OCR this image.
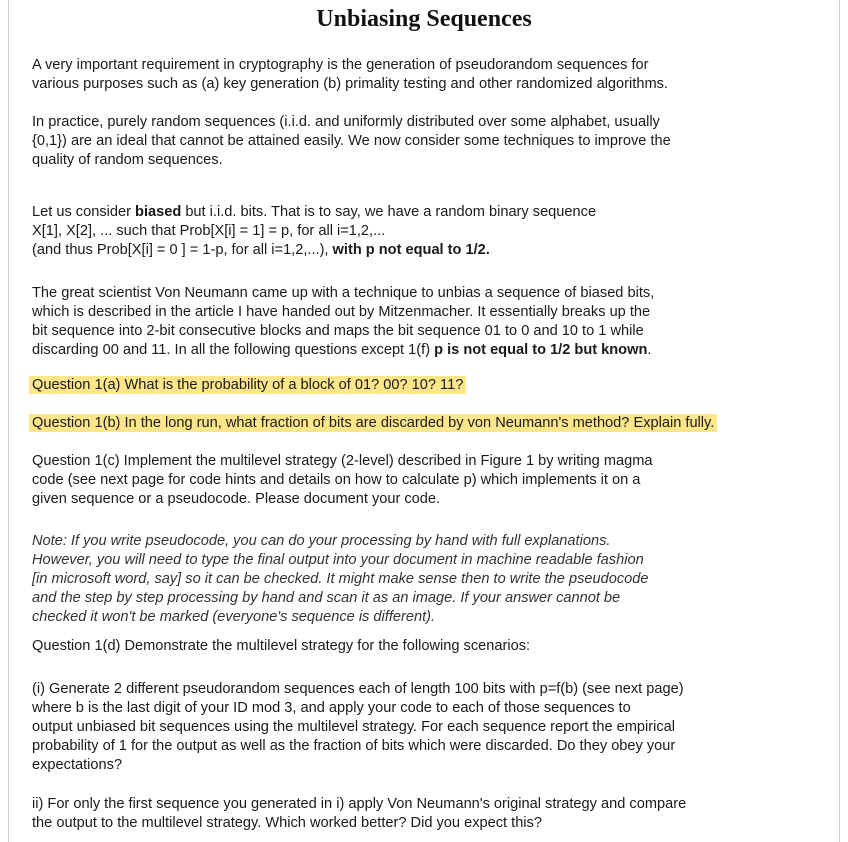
Unbiasing Sequences

A very important requirement in cryptography is the generation of pseudorandom sequences for
various purposes such as (a) key generation (b) primality testing and other randomized algorithms.

In practice, purely random sequences (i.i.d. and uniformly distributed over some alphabet, usually
{0,1}) are an ideal that cannot be attained easily. We now consider some techniques to improve the
quality of random sequences.

Let us consider biased but i.i.d. bits. That is to say, we have a random binary sequence
X[1], X[2], ... such that Prob[X[i] = 1] = p, for all i=1,2,...
(and thus Prob[X[i] = 0 ] = 1-p, for all i=1,2,...), with p not equal to 1/2.

The great scientist Von Neumann came up with a technique to unbias a sequence of biased bits,
which is described in the article I have handed out by Mitzenmacher. It essentially breaks up the
bit sequence into 2-bit consecutive blocks and maps the bit sequence 01 to 0 and 10 to 1 while
discarding 00 and 11. In all the following questions except 1(f) p is not equal to 1/2 but known.

Question 1(a) What is the probability of a block of 01? 00? 10? 11?

Question 1(b) In the long run, what fraction of bits are discarded by von Neumann's method? Explain fully.

Question 1(c) Implement the multilevel strategy (2-level) described in Figure 1 by writing magma
code (see next page for code hints and details on how to calculate p) which implements it on a
given sequence or a pseudocode. Please document your code.

Note: If you write pseudocode, you can do your processing by hand with full explanations.
However, you will need to type the final output into your document in machine readable fashion
[in microsoft word, say] so it can be checked. It might make sense then to write the pseudocode
and the step by step processing by hand and scan it as an image. If your answer cannot be
checked it won't be marked (everyone's sequence is different).

Question 1(d) Demonstrate the multilevel strategy for the following scenarios:

(i) Generate 2 different pseudorandom sequences each of length 100 bits with p=f(b) (see next page)
where b is the last digit of your ID mod 3, and apply your code to each of those sequences to
output unbiased bit sequences using the multilevel strategy. For each sequence report the empirical
probability of 1 for the output as well as the fraction of bits which were discarded. Do they obey your
expectations?

ii) For only the first sequence you generated in i) apply Von Neumann's original strategy and compare
the output to the multilevel strategy. Which worked better? Did you expect this?
